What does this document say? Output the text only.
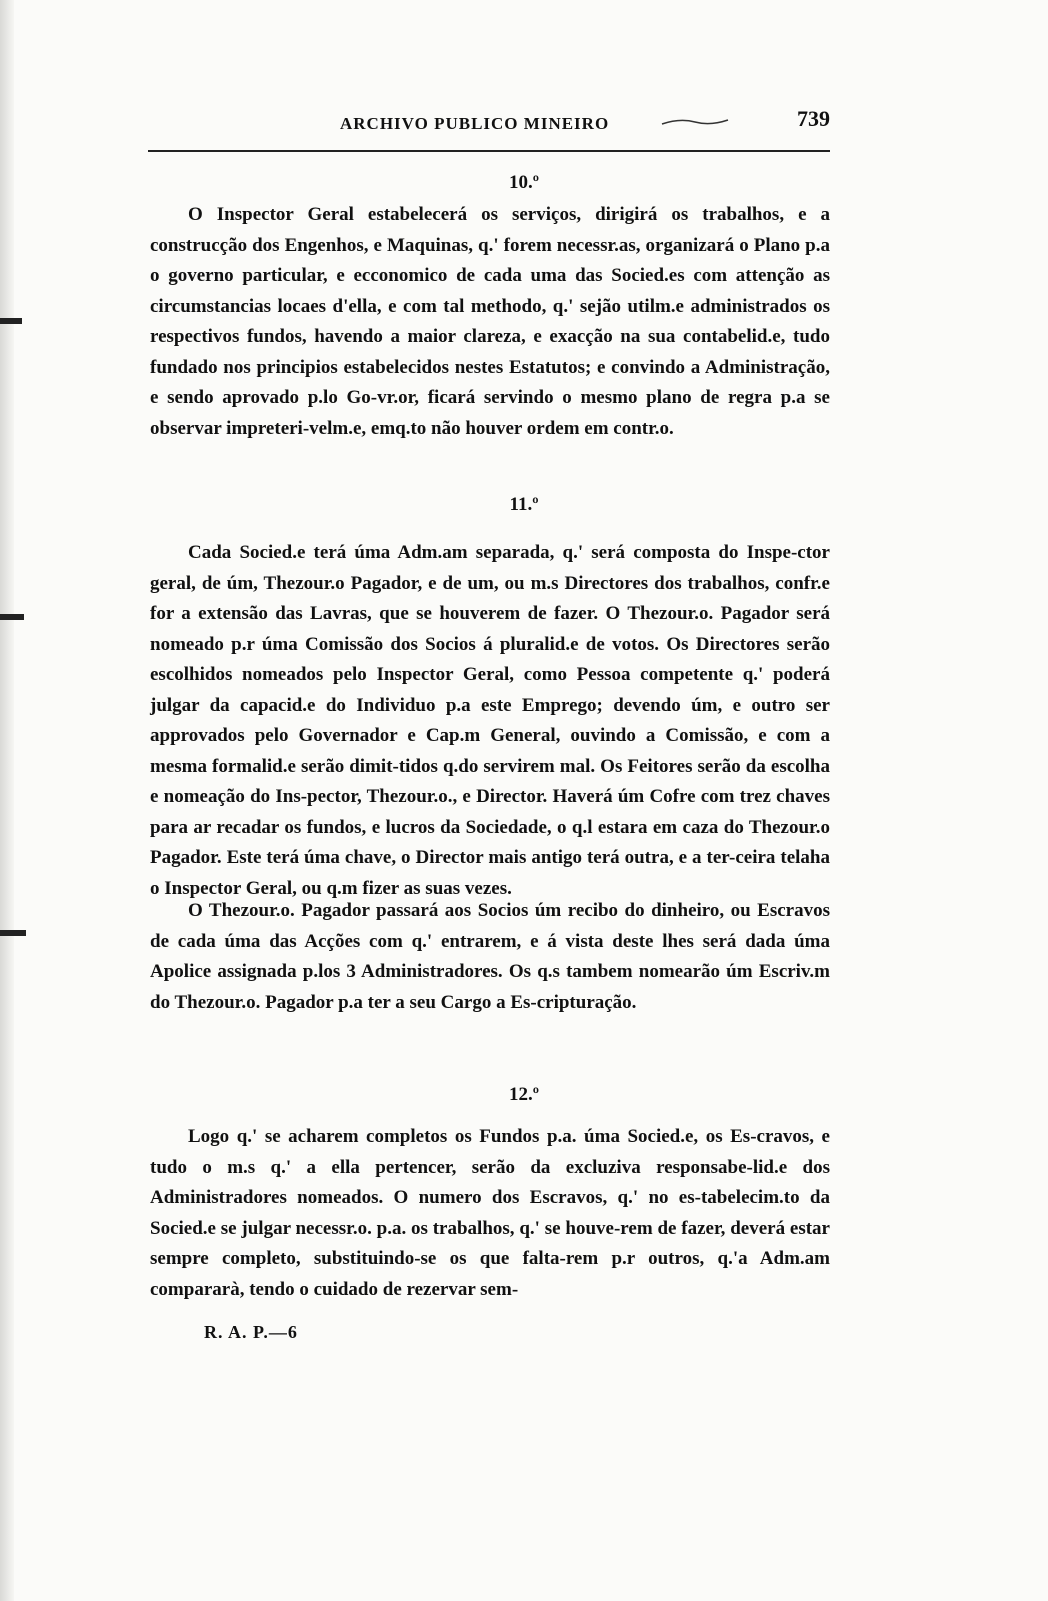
ARCHIVO PUBLICO MINEIRO	739
10.º
O Inspector Geral estabelecerá os serviços, dirigirá os trabalhos, e a construcção dos Engenhos, e Maquinas, q.' forem necessr.as, organizará o Plano p.a o governo particular, e ecconomico de cada uma das Socied.es com attenção as circumstancias locaes d'ella, e com tal methodo, q.' sejão utilm.e administrados os respectivos fundos, havendo a maior clareza, e exacção na sua contabelid.e, tudo fundado nos principios estabelecidos nestes Estatutos; e convindo a Administração, e sendo aprovado p.lo Go-vr.or, ficará servindo o mesmo plano de regra p.a se observar impreteri-velm.e, emq.to não houver ordem em contr.o.
11.º
Cada Socied.e terá úma Adm.am separada, q.' será composta do Inspe-ctor geral, de úm, Thezour.o Pagador, e de um, ou m.s Directores dos trabalhos, confr.e for a extensão das Lavras, que se houverem de fazer. O Thezour.o. Pagador será nomeado p.r úma Comissão dos Socios á pluralid.e de votos. Os Directores serão escolhidos nomeados pelo Inspector Geral, como Pessoa competente q.' poderá julgar da capacid.e do Individuo p.a este Emprego; devendo úm, e outro ser approvados pelo Governador e Cap.m General, ouvindo a Comissão, e com a mesma formalid.e serão dimit-tidos q.do servirem mal. Os Feitores serão da escolha e nomeação do Ins-pector, Thezour.o., e Director. Haverá úm Cofre com trez chaves para ar recadar os fundos, e lucros da Sociedade, o q.l estara em caza do Thezour.o Pagador. Este terá úma chave, o Director mais antigo terá outra, e a ter-ceira telaha o Inspector Geral, ou q.m fizer as suas vezes.
O Thezour.o. Pagador passará aos Socios úm recibo do dinheiro, ou Escravos de cada úma das Acções com q.' entrarem, e á vista deste lhes será dada úma Apolice assignada p.los 3 Administradores. Os q.s tambem nomearão úm Escriv.m do Thezour.o. Pagador p.a ter a seu Cargo a Es-cripturação.
12.º
Logo q.' se acharem completos os Fundos p.a. úma Socied.e, os Es-cravos, e tudo o m.s q.' a ella pertencer, serão da excluziva responsabe-lid.e dos Administradores nomeados. O numero dos Escravos, q.' no es-tabelecim.to da Socied.e se julgar necessr.o. p.a. os trabalhos, q.' se houve-rem de fazer, deverá estar sempre completo, substituindo-se os que falta-rem p.r outros, q.'a Adm.am compararà, tendo o cuidado de rezervar sem-
R. A. P.—6
